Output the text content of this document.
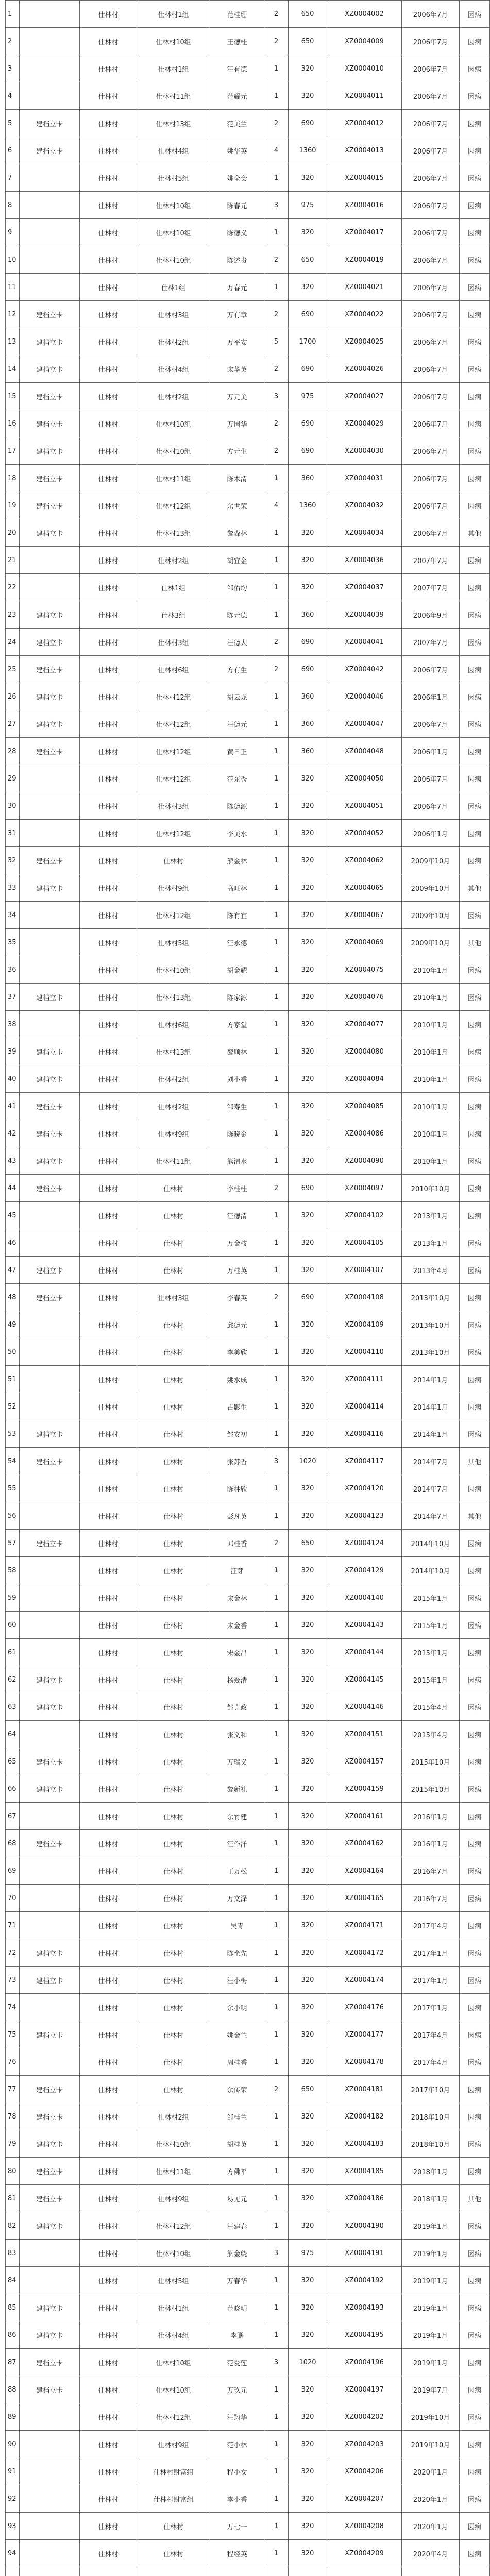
1		仕林村	仕林村1组	范桂珊	2	650	XZ0004002	2006年7月	因病
2		仕林村	仕林村10组	王德桂	2	650	XZ0004009	2006年7月	因病
3		仕林村	仕林村1组	汪有德	1	320	XZ0004010	2006年7月	因病
4		仕林村	仕林村11组	范耀元	1	320	XZ0004011	2006年7月	因病
5	建档立卡	仕林村	仕林村13组	范美兰	2	690	XZ0004012	2006年7月	因病
6	建档立卡	仕林村	仕林村4组	姚华英	4	1360	XZ0004013	2006年7月	因病
7		仕林村	仕林村5组	姚全会	1	320	XZ0004015	2006年7月	因病
8		仕林村	仕林村10组	陈春元	3	975	XZ0004016	2006年7月	因病
9		仕林村	仕林村10组	陈德义	1	320	XZ0004017	2006年7月	因病
10		仕林村	仕林村10组	陈述贵	2	650	XZ0004019	2006年7月	因病
11		仕林村	仕林1组	万春元	1	320	XZ0004021	2006年7月	因病
12	建档立卡	仕林村	仕林村3组	万有章	2	690	XZ0004022	2006年7月	因病
13	建档立卡	仕林村	仕林村2组	万平安	5	1700	XZ0004025	2006年7月	因病
14	建档立卡	仕林村	仕林村4组	宋华英	2	690	XZ0004026	2006年7月	因病
15	建档立卡	仕林村	仕林村2组	万元美	3	975	XZ0004027	2006年7月	因病
16	建档立卡	仕林村	仕林村10组	万国华	2	690	XZ0004029	2006年7月	因病
17	建档立卡	仕林村	仕林村10组	方元生	2	690	XZ0004030	2006年7月	因病
18	建档立卡	仕林村	仕林村11组	陈木清	1	360	XZ0004031	2006年7月	因病
19	建档立卡	仕林村	仕林村12组	余世荣	4	1360	XZ0004032	2006年7月	因病
20	建档立卡	仕林村	仕林村13组	黎森林	1	320	XZ0004034	2006年7月	其他
21		仕林村	仕林村2组	胡宜金	1	320	XZ0004036	2007年7月	因病
22		仕林村	仕林1组	邹佑均	1	320	XZ0004037	2007年7月	因病
23	建档立卡	仕林村	仕林3组	陈元德	1	360	XZ0004039	2006年9月	因病
24	建档立卡	仕林村	仕林村3组	汪德大	2	690	XZ0004041	2007年7月	因病
25	建档立卡	仕林村	仕林村6组	方有生	2	690	XZ0004042	2006年7月	因病
26	建档立卡	仕林村	仕林村12组	胡云龙	1	360	XZ0004046	2006年1月	因病
27	建档立卡	仕林村	仕林村12组	汪德元	1	360	XZ0004047	2006年7月	因病
28	建档立卡	仕林村	仕林村12组	黄日正	1	360	XZ0004048	2006年1月	因病
29		仕林村	仕林村12组	范东秀	1	320	XZ0004050	2006年7月	因病
30		仕林村	仕林村3组	陈德源	1	320	XZ0004051	2006年7月	因病
31		仕林村	仕林村12组	李美水	1	320	XZ0004052	2006年1月	因病
32	建档立卡	仕林村	仕林村	熊金林	1	320	XZ0004062	2009年10月	因病
33	建档立卡	仕林村	仕林村9组	高旺林	1	320	XZ0004065	2009年10月	其他
34		仕林村	仕林村12组	陈有宜	1	320	XZ0004067	2009年10月	因病
35		仕林村	仕林村5组	汪永德	1	320	XZ0004069	2009年10月	其他
36		仕林村	仕林村10组	胡金耀	1	320	XZ0004075	2010年1月	因病
37	建档立卡	仕林村	仕林村13组	陈家源	1	320	XZ0004076	2010年1月	因病
38		仕林村	仕林村6组	方家堂	1	320	XZ0004077	2010年1月	因病
39	建档立卡	仕林村	仕林村13组	黎顺林	1	320	XZ0004080	2010年1月	因病
40	建档立卡	仕林村	仕林村2组	刘小香	1	320	XZ0004084	2010年1月	因病
41	建档立卡	仕林村	仕林村2组	邹寿生	1	320	XZ0004085	2010年1月	因病
42	建档立卡	仕林村	仕林村9组	陈晓金	1	320	XZ0004086	2010年1月	因病
43	建档立卡	仕林村	仕林村11组	熊清水	1	320	XZ0004090	2010年1月	因病
44	建档立卡	仕林村	仕林村	李桂桂	2	690	XZ0004097	2010年10月	因病
45		仕林村	仕林村	汪德清	1	320	XZ0004102	2013年1月	因病
46		仕林村	仕林村	万金枝	1	320	XZ0004105	2013年1月	因病
47	建档立卡	仕林村	仕林村	万桂英	1	320	XZ0004107	2013年4月	因病
48	建档立卡	仕林村	仕林村3组	李春英	2	690	XZ0004108	2013年10月	因病
49		仕林村	仕林村	邱德元	1	320	XZ0004109	2013年10月	因病
50		仕林村	仕林村	李美欣	1	320	XZ0004110	2013年10月	因病
51		仕林村	仕林村	姚水成	1	320	XZ0004111	2014年1月	因病
52		仕林村	仕林村	占影生	1	320	XZ0004114	2014年1月	因病
53	建档立卡	仕林村	仕林村	邹安初	1	320	XZ0004116	2014年1月	因病
54	建档立卡	仕林村	仕林村	张苏香	3	1020	XZ0004117	2014年7月	其他
55		仕林村	仕林村	陈林欣	1	320	XZ0004120	2014年7月	因病
56		仕林村	仕林村	彭凡英	1	320	XZ0004123	2014年7月	其他
57	建档立卡	仕林村	仕林村	邓桂香	2	650	XZ0004124	2014年10月	因病
58		仕林村	仕林村	汪芽	1	320	XZ0004129	2014年10月	因病
59		仕林村	仕林村	宋金林	1	320	XZ0004140	2015年1月	因病
60		仕林村	仕林村	宋金香	1	320	XZ0004143	2015年1月	因病
61		仕林村	仕林村	宋金昌	1	320	XZ0004144	2015年1月	因病
62	建档立卡	仕林村	仕林村	杨爱清	1	320	XZ0004145	2015年1月	因病
63	建档立卡	仕林村	仕林村	邹克政	1	320	XZ0004146	2015年4月	因病
64		仕林村	仕林村	张义和	1	320	XZ0004151	2015年4月	因病
65	建档立卡	仕林村	仕林村	万瑞义	1	320	XZ0004157	2015年10月	因病
66	建档立卡	仕林村	仕林村	黎新礼	1	320	XZ0004159	2015年10月	因病
67		仕林村	仕林村	余竹建	1	320	XZ0004161	2016年1月	因病
68	建档立卡	仕林村	仕林村	汪作洋	1	320	XZ0004162	2016年1月	因病
69		仕林村	仕林村	王万松	1	320	XZ0004164	2016年7月	因病
70		仕林村	仕林村	万文泽	1	320	XZ0004165	2016年7月	因病
71		仕林村	仕林村	吴青	1	320	XZ0004171	2017年4月	因病
72	建档立卡	仕林村	仕林村	陈坐先	1	320	XZ0004172	2017年1月	因病
73	建档立卡	仕林村	仕林村	汪小梅	1	320	XZ0004174	2017年1月	因病
74		仕林村	仕林村	余小明	1	320	XZ0004176	2017年1月	因病
75	建档立卡	仕林村	仕林村	姚金兰	1	320	XZ0004177	2017年4月	因病
76		仕林村	仕林村	周桂香	1	320	XZ0004178	2017年4月	因病
77	建档立卡	仕林村	仕林村	余传荣	2	650	XZ0004181	2017年10月	因病
78	建档立卡	仕林村	仕林村2组	邹桂兰	1	320	XZ0004182	2018年10月	因病
79	建档立卡	仕林村	仕林村10组	胡桂英	1	320	XZ0004183	2018年10月	因病
80	建档立卡	仕林村	仕林村11组	方佛平	1	320	XZ0004185	2018年1月	因病
81	建档立卡	仕林村	仕林村9组	易见元	1	320	XZ0004186	2018年1月	其他
82	建档立卡	仕林村	仕林村12组	汪建春	1	320	XZ0004190	2019年1月	因病
83		仕林村	仕林村10组	熊金绕	3	975	XZ0004191	2019年1月	因病
84		仕林村	仕林村5组	万春华	1	320	XZ0004192	2019年1月	因病
85	建档立卡	仕林村	仕林村1组	范晓明	1	320	XZ0004193	2019年1月	因病
86	建档立卡	仕林村	仕林村4组	李鹏	1	320	XZ0004195	2019年1月	因病
87	建档立卡	仕林村	仕林村10组	范爱莲	3	1020	XZ0004196	2019年1月	因病
88	建档立卡	仕林村	仕林村10组	万玖元	1	320	XZ0004197	2019年7月	因病
89		仕林村	仕林村12组	汪翔华	1	320	XZ0004202	2019年10月	因病
90		仕林村	仕林村9组	范小林	1	320	XZ0004203	2019年10月	因病
91		仕林村	仕林村财富组	程小女	1	320	XZ0004206	2020年1月	因病
92		仕林村	仕林村财富组	李小香	1	320	XZ0004207	2020年1月	因病
93		仕林村	仕林村	万七一	1	320	XZ0004208	2020年1月	因病
94		仕林村	仕林村	程经英	1	320	XZ0004209	2020年4月	因病
